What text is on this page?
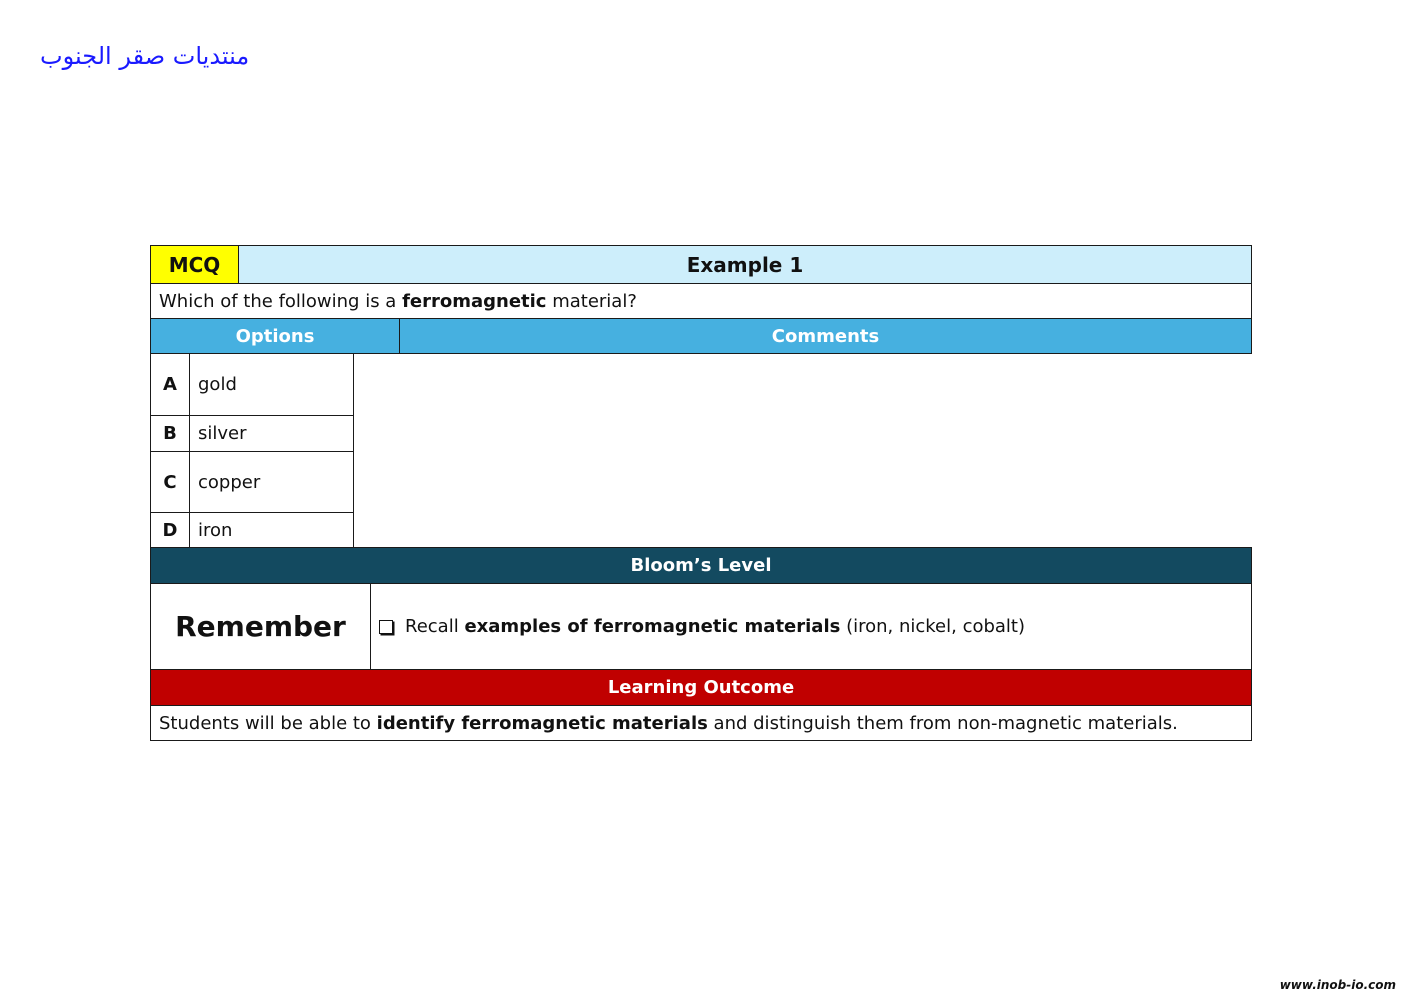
منتديات صقر الجنوب
MCQ	Example 1
Which of the following is a ferromagnetic material?
Options	Comments
A	gold
B	silver
C	copper
D	iron
Bloom’s Level
Remember	Recall examples of ferromagnetic materials (iron, nickel, cobalt)
Learning Outcome
Students will be able to identify ferromagnetic materials and distinguish them from non-magnetic materials.
www.inob-io.com
